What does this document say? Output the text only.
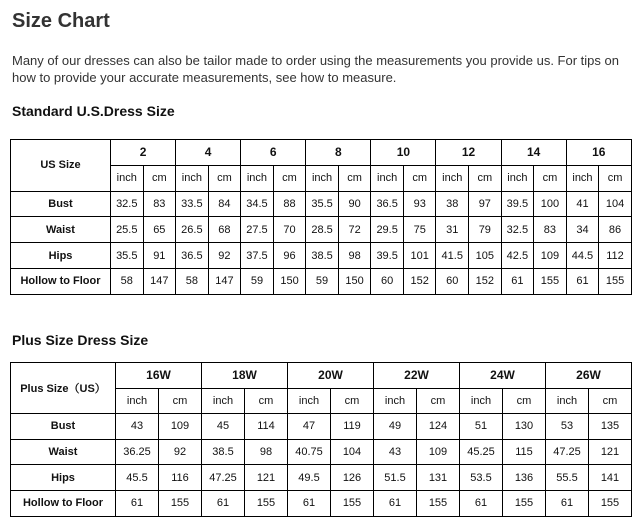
Size Chart
Many of our dresses can also be tailor made to order using the measurements you provide us. For tips on how to provide your accurate measurements, see how to measure.
Standard U.S.Dress Size
US Size	2		4		6		8		10		12		14		16	
	inch	cm	inch	cm	inch	cm	inch	cm	inch	cm	inch	cm	inch	cm	inch	cm
Bust	32.5	83	33.5	84	34.5	88	35.5	90	36.5	93	38	97	39.5	100	41	104
Waist	25.5	65	26.5	68	27.5	70	28.5	72	29.5	75	31	79	32.5	83	34	86
Hips	35.5	91	36.5	92	37.5	96	38.5	98	39.5	101	41.5	105	42.5	109	44.5	112
Hollow to Floor	58	147	58	147	59	150	59	150	60	152	60	152	61	155	61	155
Plus Size Dress Size
Plus Size（US）	16W		18W		20W		22W		24W		26W	
	inch	cm	inch	cm	inch	cm	inch	cm	inch	cm	inch	cm
Bust	43	109	45	114	47	119	49	124	51	130	53	135
Waist	36.25	92	38.5	98	40.75	104	43	109	45.25	115	47.25	121
Hips	45.5	116	47.25	121	49.5	126	51.5	131	53.5	136	55.5	141
Hollow to Floor	61	155	61	155	61	155	61	155	61	155	61	155
